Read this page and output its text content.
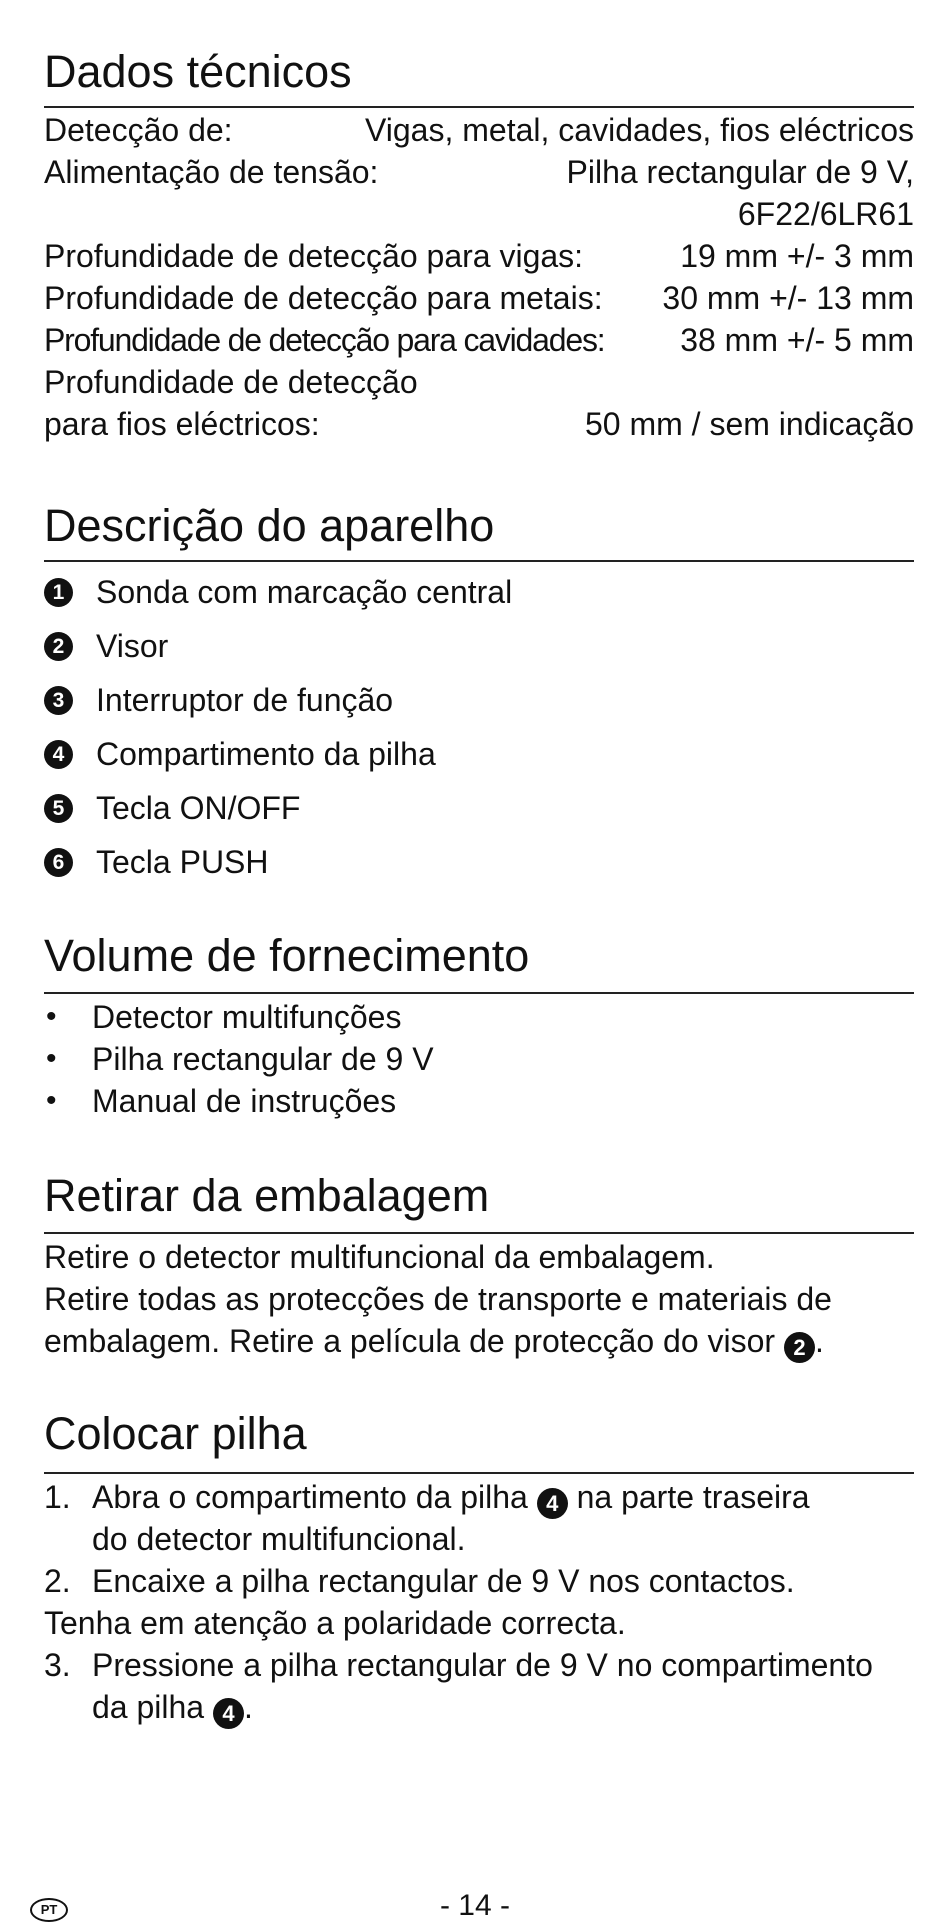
Dados técnicos
Detecção de:	Vigas, metal, cavidades, fios eléctricos
Alimentação de tensão:	Pilha rectangular de 9 V,
6F22/6LR61
Profundidade de detecção para vigas:	19 mm +/- 3 mm
Profundidade de detecção para metais: 30 mm +/- 13 mm
Profundidade de detecção para cavidades: 38 mm +/- 5 mm
Profundidade de detecção
para fios eléctricos:	50 mm / sem indicação
Descrição do aparelho
1 Sonda com marcação central
2 Visor
3 Interruptor de função
4 Compartimento da pilha
5 Tecla ON/OFF
6 Tecla PUSH
Volume de fornecimento
• Detector multifunções
• Pilha rectangular de 9 V
• Manual de instruções
Retirar da embalagem
Retire o detector multifuncional da embalagem.
Retire todas as protecções de transporte e materiais de
embalagem. Retire a película de protecção do visor 2 .
Colocar pilha
1. Abra o compartimento da pilha 4 na parte traseira
do detector multifuncional.
2. Encaixe a pilha rectangular de 9 V nos contactos.
Tenha em atenção a polaridade correcta.
3. Pressione a pilha rectangular de 9 V no compartimento
da pilha 4 .
PT	- 14 -
